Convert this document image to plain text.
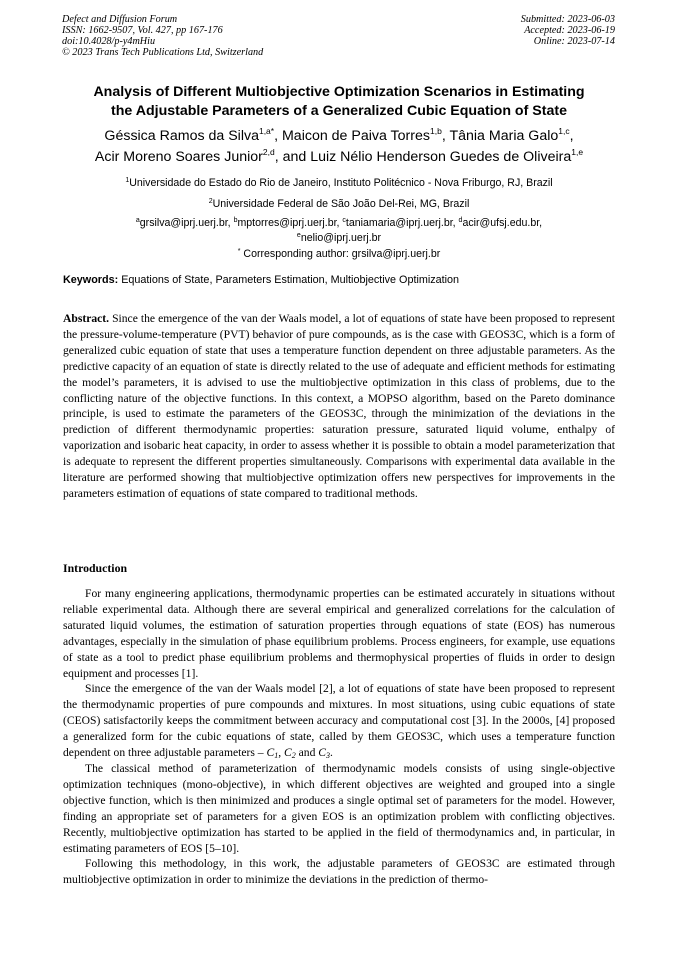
Defect and Diffusion Forum
ISSN: 1662-9507, Vol. 427, pp 167-176
doi:10.4028/p-y4mHiu
© 2023 Trans Tech Publications Ltd, Switzerland
Submitted: 2023-06-03
Accepted: 2023-06-19
Online: 2023-07-14
Analysis of Different Multiobjective Optimization Scenarios in Estimating
the Adjustable Parameters of a Generalized Cubic Equation of State
Géssica Ramos da Silva$^{1,a*}$, Maicon de Paiva Torres$^{1,b}$, Tânia Maria Galo$^{1,c}$,
Acir Moreno Soares Junior$^{2,d}$, and Luiz Nélio Henderson Guedes de Oliveira$^{1,e}$
$^1$Universidade do Estado do Rio de Janeiro, Instituto Politécnico - Nova Friburgo, RJ, Brazil
$^2$Universidade Federal de São João Del-Rei, MG, Brazil
$^a$grsilva@iprj.uerj.br, $^b$mptorres@iprj.uerj.br, $^c$taniamaria@iprj.uerj.br, $^d$acir@ufsj.edu.br,
$^e$nelio@iprj.uerj.br
* Corresponding author: grsilva@iprj.uerj.br
Keywords: Equations of State, Parameters Estimation, Multiobjective Optimization
Abstract. Since the emergence of the van der Waals model, a lot of equations of state have been proposed to represent the pressure-volume-temperature (PVT) behavior of pure compounds, as is the case with GEOS3C, which is a form of generalized cubic equation of state that uses a temperature function dependent on three adjustable parameters. As the predictive capacity of an equation of state is directly related to the use of adequate and efficient methods for estimating the model’s parameters, it is advised to use the multiobjective optimization in this class of problems, due to the conflicting nature of the objective functions. In this context, a MOPSO algorithm, based on the Pareto dominance principle, is used to estimate the parameters of the GEOS3C, through the minimization of the deviations in the prediction of different thermodynamic properties: saturation pressure, saturated liquid volume, enthalpy of vaporization and isobaric heat capacity, in order to assess whether it is possible to obtain a model parameterization that is adequate to represent the different properties simultaneously. Comparisons with experimental data available in the literature are performed showing that multiobjective optimization offers new perspectives for improvements in the parameters estimation of equations of state compared to traditional methods.
Introduction

For many engineering applications, thermodynamic properties can be estimated accurately in situations without reliable experimental data. Although there are several empirical and generalized correlations for the calculation of saturated liquid volumes, the estimation of saturation properties through equations of state (EOS) has numerous advantages, especially in the simulation of phase equilibrium problems. Process engineers, for example, use equations of state as a tool to predict phase equilibrium problems and thermophysical properties of fluids in order to design equipment and processes [1].

Since the emergence of the van der Waals model [2], a lot of equations of state have been proposed to represent the thermodynamic properties of pure compounds and mixtures. In most situations, using cubic equations of state (CEOS) satisfactorily keeps the commitment between accuracy and computational cost [3]. In the 2000s, [4] proposed a generalized form for the cubic equations of state, called by them GEOS3C, which uses a temperature function dependent on three adjustable parameters – $C_1$, $C_2$ and $C_3$.

The classical method of parameterization of thermodynamic models consists of using single-objective optimization techniques (mono-objective), in which different objectives are weighted and grouped into a single objective function, which is then minimized and produces a single optimal set of parameters for the model. However, finding an appropriate set of parameters for a given EOS is an optimization problem with conflicting objectives. Recently, multiobjective optimization has started to be applied in the field of thermodynamics and, in particular, in estimating parameters of EOS [5–10].

Following this methodology, in this work, the adjustable parameters of GEOS3C are estimated through multiobjective optimization in order to minimize the deviations in the prediction of thermo-
